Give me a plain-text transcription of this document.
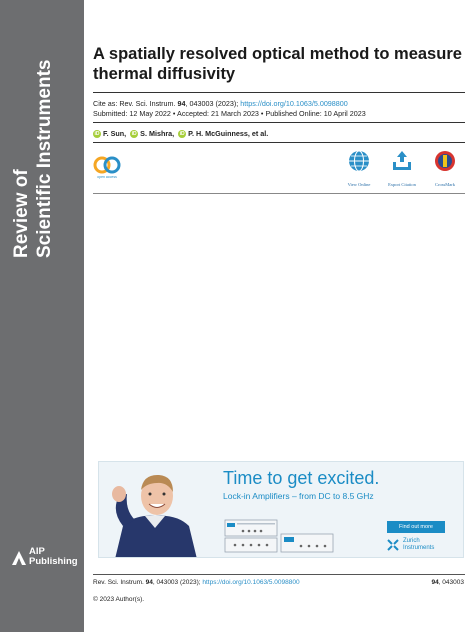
Review of Scientific Instruments
AIP
Publishing
A spatially resolved optical method to measure thermal diffusivity
Cite as: Rev. Sci. Instrum. 94, 043003 (2023); https://doi.org/10.1063/5.0098800
Submitted: 12 May 2022 • Accepted: 21 March 2023 • Published Online: 10 April 2023
iD F. Sun,	iD S. Mishra,	iD P. H. McGuinness, et al.
open access
View Online	Export Citation	CrossMark
Time to get excited.
Lock-in Amplifiers – from DC to 8.5 GHz
Find out more
Zurich
Instruments
Rev. Sci. Instrum. 94, 043003 (2023); https://doi.org/10.1063/5.0098800	94, 043003
© 2023 Author(s).
